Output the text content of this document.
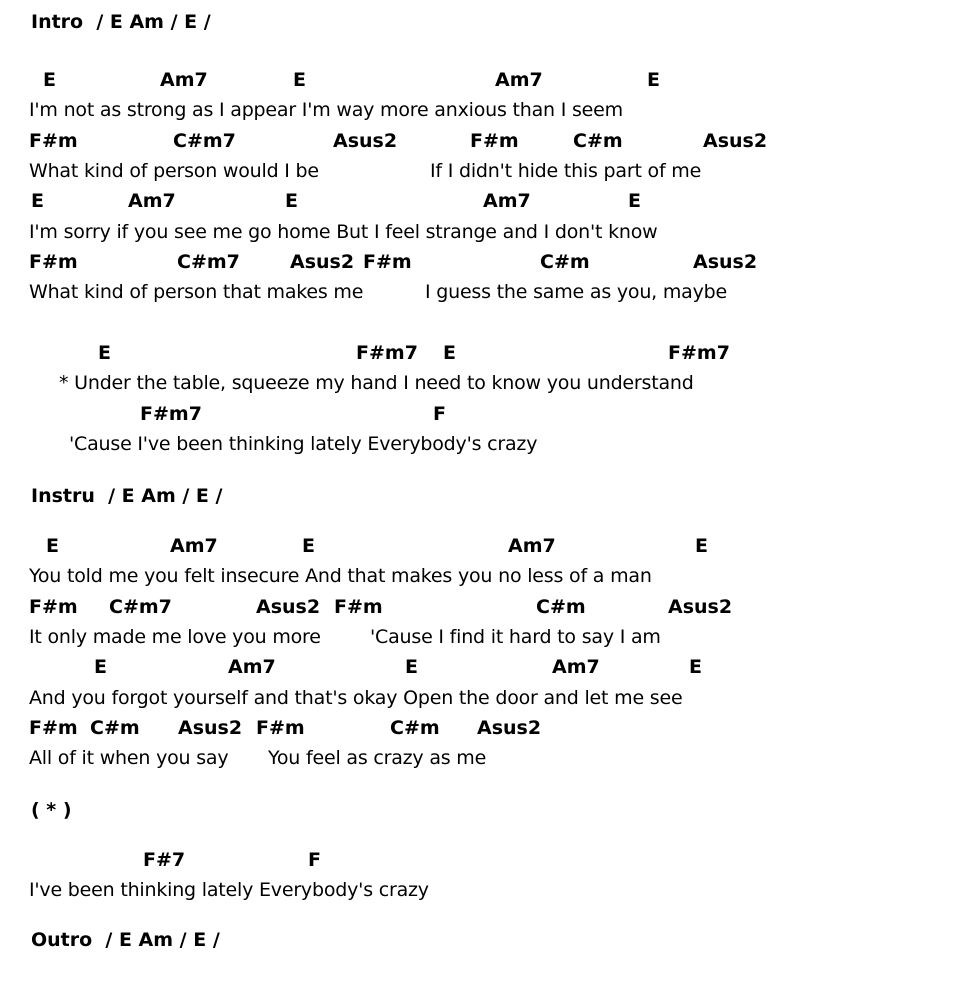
Intro  / E Am / E /
E	Am7	E	Am7	E
I'm not as strong as I appear I'm way more anxious than I seem
F#m	C#m7	Asus2	F#m	C#m	Asus2
What kind of person would I be	If I didn't hide this part of me
E	Am7	E	Am7	E
I'm sorry if you see me go home But I feel strange and I don't know
F#m	C#m7	Asus2 F#m	C#m	Asus2
What kind of person that makes me	I guess the same as you, maybe
E	F#m7 E	F#m7
* Under the table, squeeze my hand I need to know you understand
F#m7	F
'Cause I've been thinking lately Everybody's crazy
Instru  / E Am / E /
E	Am7	E	Am7	E
You told me you felt insecure And that makes you no less of a man
F#m C#m7	Asus2 F#m	C#m	Asus2
It only made me love you more	'Cause I find it hard to say I am
E	Am7	E	Am7	E
And you forgot yourself and that's okay Open the door and let me see
F#m C#m Asus2 F#m	C#m Asus2
All of it when you say You feel as crazy as me
( * )
F#7	F
I've been thinking lately Everybody's crazy
Outro  / E Am / E /
